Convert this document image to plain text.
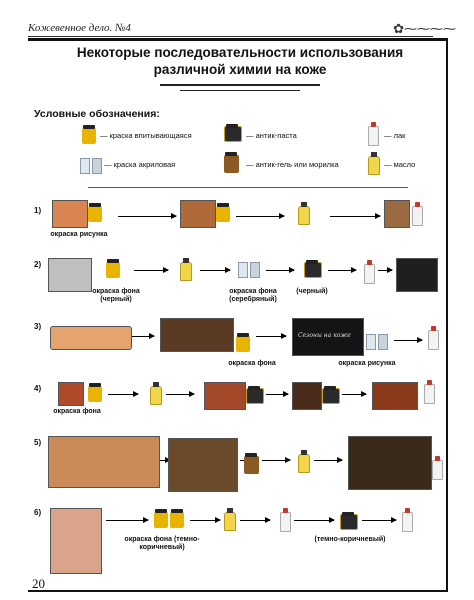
Кожевенное дело. №4	✿⁓⁓⁓⁓
Некоторые последовательности использования
различной химии на коже
Условные обозначения:
— краска впитывающаяся	— антик-паста	— лак
— краска акриловая	— антик-гель или морилка	— масло
1)
окраска рисунка
2)
окраска фона (черный)
окраска фона (серебряный)
(черный)
3)
окраска фона
Сезоны на коже
окраска рисунка
4)
окраска фона
5)
6)
окраска фона (темно-коричневый)
(темно-коричневый)
20
